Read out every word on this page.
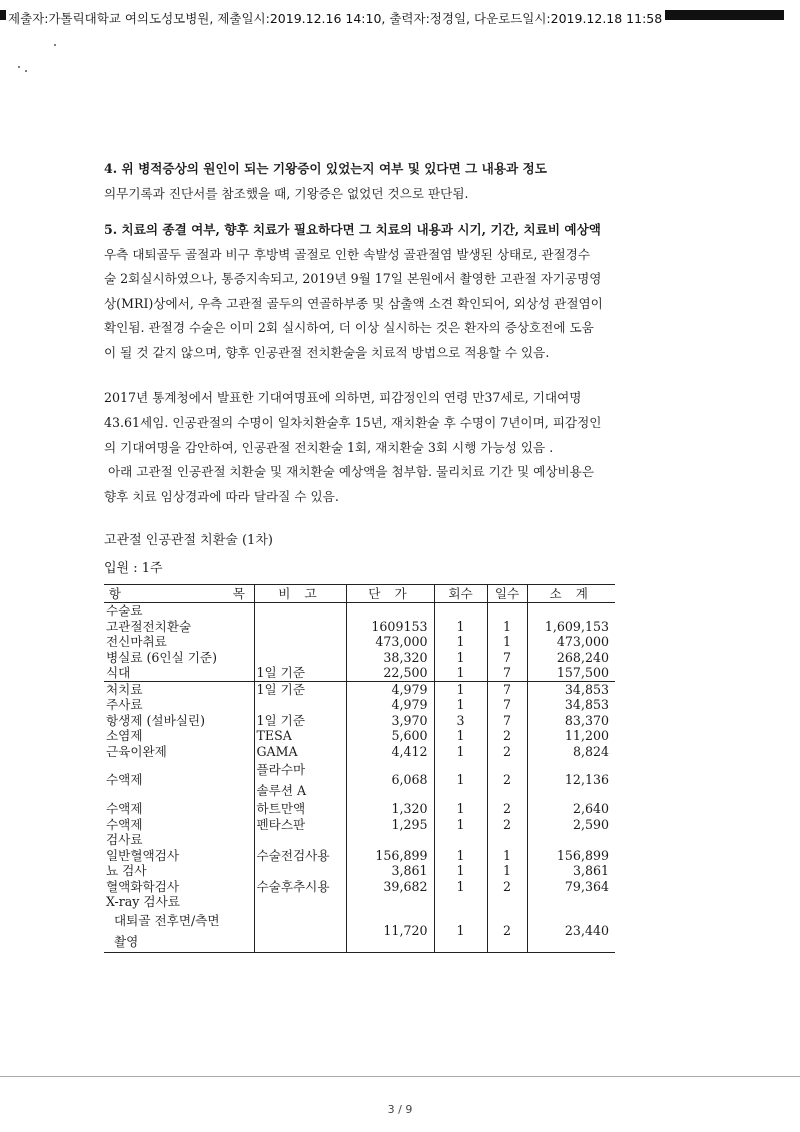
제출자:가톨릭대학교 여의도성모병원, 제출일시:2019.12.16 14:10, 출력자:정경일, 다운로드일시:2019.12.18 11:58

4. 위 병적증상의 원인이 되는 기왕증이 있었는지 여부 및 있다면 그 내용과 정도

의무기록과 진단서를 참조했을 때, 기왕증은 없었던 것으로 판단됨.

5. 치료의 종결 여부, 향후 치료가 필요하다면 그 치료의 내용과 시기, 기간, 치료비 예상액

우측 대퇴골두 골절과 비구 후방벽 골절로 인한 속발성 골관절염 발생된 상태로, 관절경수

술 2회실시하였으나, 통증지속되고, 2019년 9월 17일 본원에서 촬영한 고관절 자기공명영

상(MRI)상에서, 우측 고관절 골두의 연골하부종 및 삼출액 소견 확인되어, 외상성 관절염이

확인됨. 관절경 수술은 이미 2회 실시하여, 더 이상 실시하는 것은 환자의 증상호전에 도움

이 될 것 같지 않으며, 향후 인공관절 전치환술을 치료적 방법으로 적용할 수 있음.

2017년 통계청에서 발표한 기대여명표에 의하면, 피감정인의 연령 만37세로, 기대여명

43.61세임. 인공관절의 수명이 일차치환술후 15년, 재치환술 후 수명이 7년이며, 피감정인

의 기대여명을 감안하여, 인공관절 전치환술 1회, 재치환술 3회 시행 가능성 있음 .

아래 고관절 인공관절 치환술 및 재치환술 예상액을 첨부함. 물리치료 기간 및 예상비용은

향후 치료 임상경과에 따라 달라질 수 있음.

고관절 인공관절 치환술 (1차)
입원 : 1주
항 목	비 고	단 가	회수	일수	소 계
수술료					
고관절전치환술		1609153	1	1	1,609,153
전신마취료		473,000	1	1	473,000
병실료 (6인실 기준)		38,320	1	7	268,240
식대	1일 기준	22,500	1	7	157,500
처치료	1일 기준	4,979	1	7	34,853
주사료		4,979	1	7	34,853
항생제 (설바실린)	1일 기준	3,970	3	7	83,370
소염제	TESA	5,600	1	2	11,200
근육이완제	GAMA	4,412	1	2	8,824
수액제	플라수마
솔루션 A	6,068	1	2	12,136
수액제	하트만액	1,320	1	2	2,640
수액제	펜타스판	1,295	1	2	2,590
검사료					
일반혈액검사	수술전검사용	156,899	1	1	156,899
뇨 검사		3,861	1	1	3,861
혈액화학검사	수술후추시용	39,682	1	2	79,364
X-ray 검사료					

대퇴골 전후면/측면
촬영		11,720	1	2	23,440
3 / 9
